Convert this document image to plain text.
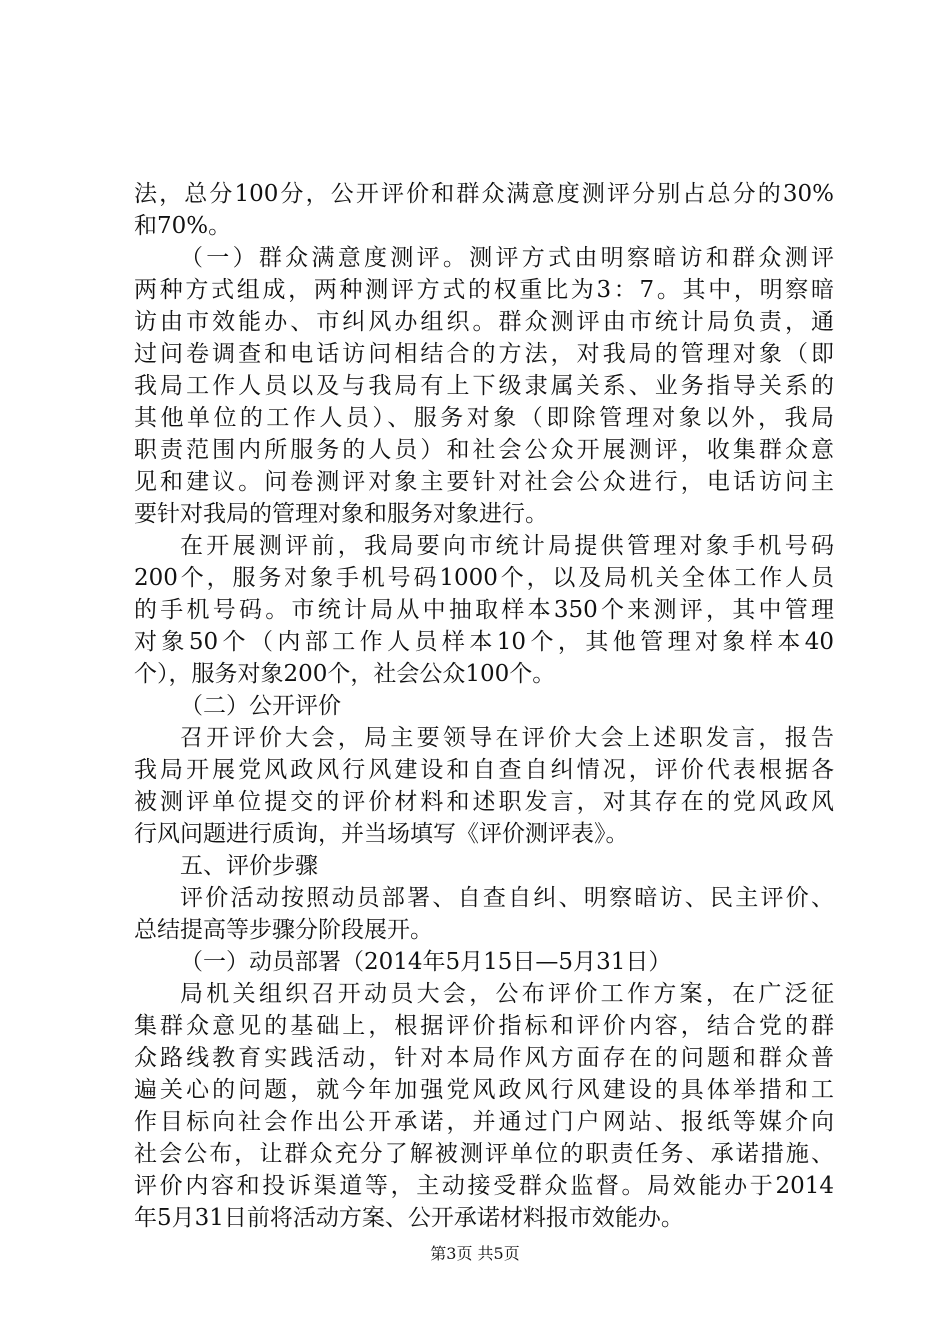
法，总分100分，公开评价和群众满意度测评分别占总分的30%
和70%。
（一）群众满意度测评。测评方式由明察暗访和群众测评
两种方式组成，两种测评方式的权重比为3：7。其中，明察暗
访由市效能办、市纠风办组织。群众测评由市统计局负责，通
过问卷调查和电话访问相结合的方法，对我局的管理对象（即
我局工作人员以及与我局有上下级隶属关系、业务指导关系的
其他单位的工作人员）、服务对象（即除管理对象以外，我局
职责范围内所服务的人员）和社会公众开展测评，收集群众意
见和建议。问卷测评对象主要针对社会公众进行，电话访问主
要针对我局的管理对象和服务对象进行。
在开展测评前，我局要向市统计局提供管理对象手机号码
200个，服务对象手机号码1000个，以及局机关全体工作人员
的手机号码。市统计局从中抽取样本350个来测评，其中管理
对象50个（内部工作人员样本10个，其他管理对象样本40
个），服务对象200个，社会公众100个。
（二）公开评价
召开评价大会，局主要领导在评价大会上述职发言，报告
我局开展党风政风行风建设和自查自纠情况，评价代表根据各
被测评单位提交的评价材料和述职发言，对其存在的党风政风
行风问题进行质询，并当场填写《评价测评表》。
五、评价步骤
评价活动按照动员部署、自查自纠、明察暗访、民主评价、
总结提高等步骤分阶段展开。
（一）动员部署（2014年5月15日—5月31日）
局机关组织召开动员大会，公布评价工作方案，在广泛征
集群众意见的基础上，根据评价指标和评价内容，结合党的群
众路线教育实践活动，针对本局作风方面存在的问题和群众普
遍关心的问题，就今年加强党风政风行风建设的具体举措和工
作目标向社会作出公开承诺，并通过门户网站、报纸等媒介向
社会公布，让群众充分了解被测评单位的职责任务、承诺措施、
评价内容和投诉渠道等，主动接受群众监督。局效能办于2014
年5月31日前将活动方案、公开承诺材料报市效能办。
第3页 共5页
